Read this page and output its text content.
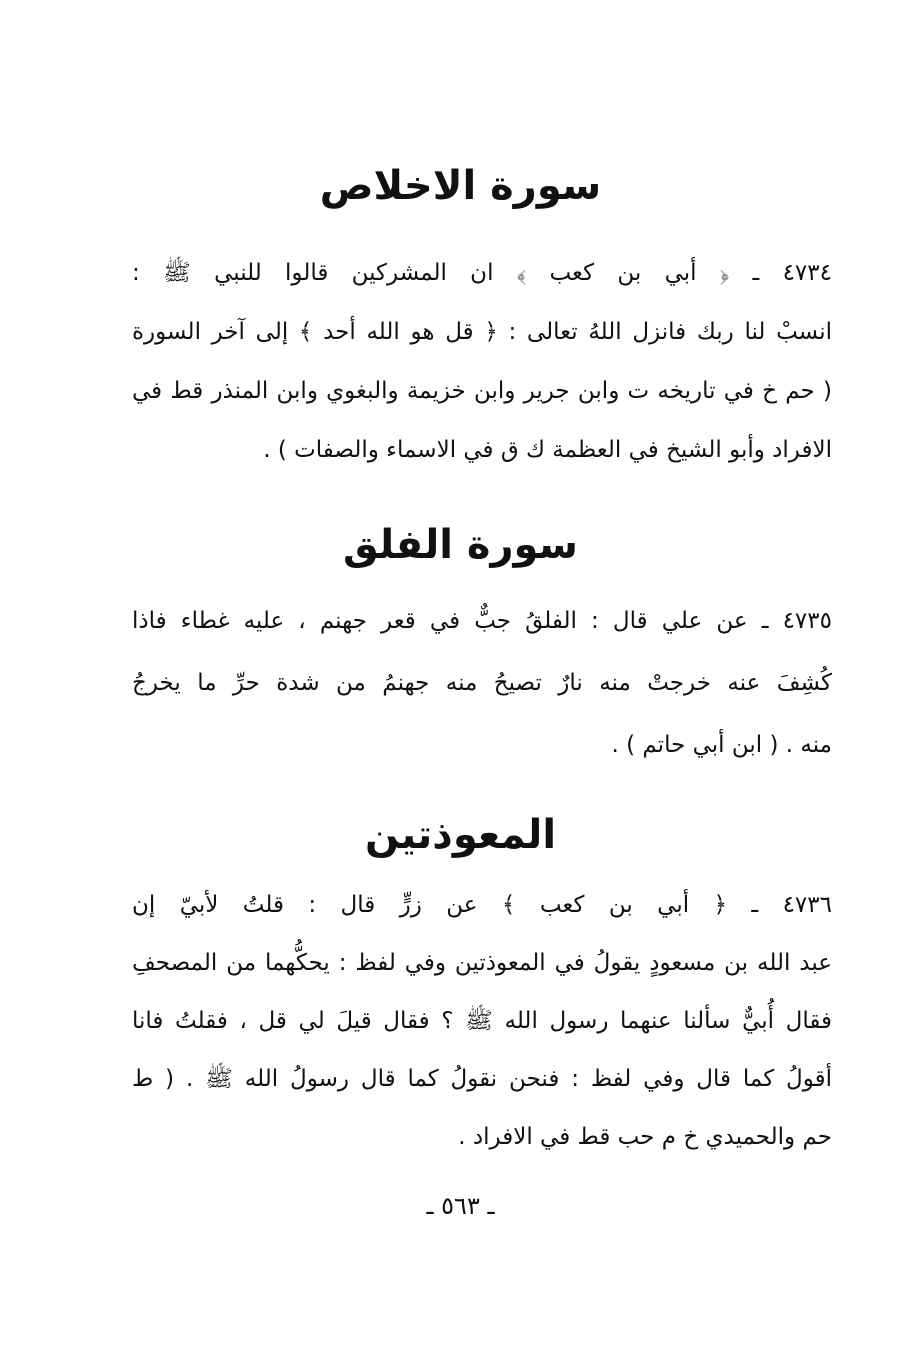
سورة الاخلاص
٤٧٣٤ ـ ﴿ أبي بن كعب ﴾ ان المشركين قالوا للنبي ﷺ :
انسبْ لنا ربك فانزل اللهُ تعالى : ﴿ قل هو الله أحد ﴾ إلى آخر السورة
( حم خ في تاريخه ت وابن جرير وابن خزيمة والبغوي وابن المنذر قط في
الافراد وأبو الشيخ في العظمة ك ق في الاسماء والصفات ) .
سورة الفلق
٤٧٣٥ ـ عن علي قال : الفلقُ جبٌّ في قعر جهنم ، عليه غطاء فاذا
كُشِفَ عنه خرجتْ منه نارٌ تصيحُ منه جهنمُ من شدة حرِّ ما يخرجُ
منه . ( ابن أبي حاتم ) .
المعوذتين
٤٧٣٦ ـ ﴿ أبي بن كعب ﴾ عن زرٍّ قال : قلتُ لأبيّ إن
عبد الله بن مسعودٍ يقولُ في المعوذتين وفي لفظ : يحكُّهما من المصحفِ
فقال أُبيٌّ سألنا عنهما رسول الله ﷺ ؟ فقال قيلَ لي قل ، فقلتُ فانا
أقولُ كما قال وفي لفظ : فنحن نقولُ كما قال رسولُ الله ﷺ . ( ط
حم والحميدي خ م حب قط في الافراد .
ـ ٥٦٣ ـ
